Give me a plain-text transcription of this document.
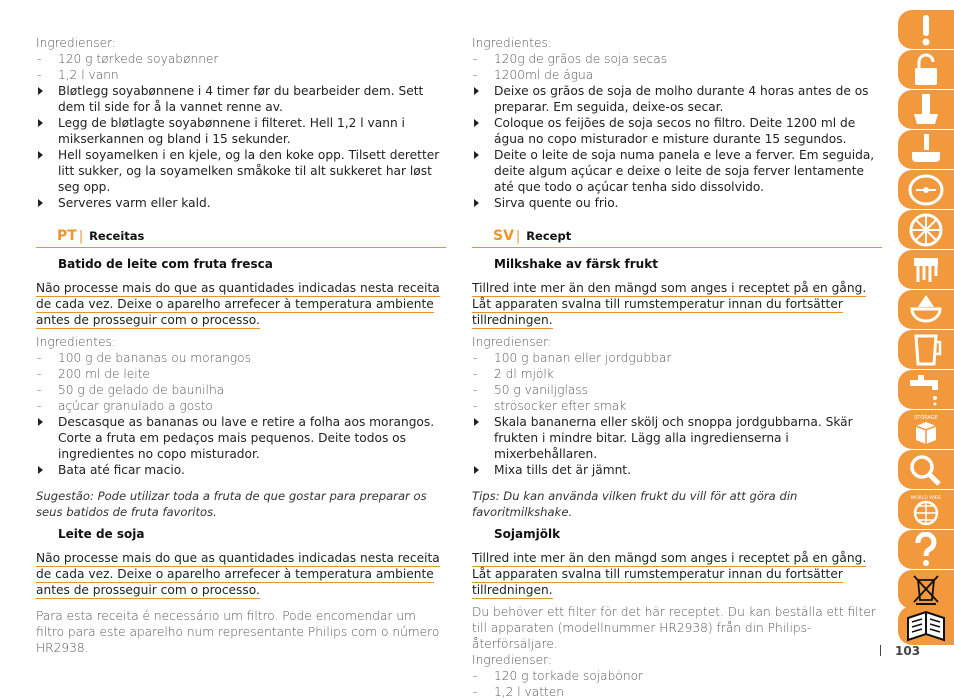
Ingredienser:

- 120 g tørkede soyabønner

- 1,2 l vann

Bløtlegg soyabønnene i 4 timer før du bearbeider dem. Sett dem til side for å la vannet renne av.

Legg de bløtlagte soyabønnene i filteret. Hell 1,2 l vann i mikserkannen og bland i 15 sekunder.

Hell soyamelken i en kjele, og la den koke opp. Tilsett deretter litt sukker, og la soyamelken småkoke til alt sukkeret har løst seg opp.

Serveres varm eller kald.

PT | Receitas

Batido de leite com fruta fresca

Não processe mais do que as quantidades indicadas nesta receita de cada vez. Deixe o aparelho arrefecer à temperatura ambiente antes de prosseguir com o processo.

Ingredientes:

- 100 g de bananas ou morangos

- 200 ml de leite

- 50 g de gelado de baunilha

- açúcar granulado a gosto

Descasque as bananas ou lave e retire a folha aos morangos. Corte a fruta em pedaços mais pequenos. Deite todos os ingredientes no copo misturador.

Bata até ficar macio.

Sugestão: Pode utilizar toda a fruta de que gostar para preparar os seus batidos de fruta favoritos.

Leite de soja

Não processe mais do que as quantidades indicadas nesta receita de cada vez. Deixe o aparelho arrefecer à temperatura ambiente antes de prosseguir com o processo.

Para esta receita é necessário um filtro. Pode encomendar um filtro para este aparelho num representante Philips com o número HR2938.

Ingredientes:

- 120g de grãos de soja secas

- 1200ml de água

Deixe os grãos de soja de molho durante 4 horas antes de os preparar. Em seguida, deixe-os secar.

Coloque os feijões de soja secos no filtro. Deite 1200 ml de água no copo misturador e misture durante 15 segundos.

Deite o leite de soja numa panela e leve a ferver. Em seguida, deite algum açúcar e deixe o leite de soja ferver lentamente até que todo o açúcar tenha sido dissolvido.

Sirva quente ou frio.

SV | Recept

Milkshake av färsk frukt

Tillred inte mer än den mängd som anges i receptet på en gång. Låt apparaten svalna till rumstemperatur innan du fortsätter tillredningen.

Ingredienser:

- 100 g banan eller jordgubbar

- 2 dl mjölk

- 50 g vaniljglass

- strösocker efter smak

Skala bananerna eller skölj och snoppa jordgubbarna. Skär frukten i mindre bitar. Lägg alla ingredienserna i mixerbehållaren.

Mixa tills det är jämnt.

Tips: Du kan använda vilken frukt du vill för att göra din favoritmilkshake.

Sojamjölk

Tillred inte mer än den mängd som anges i receptet på en gång. Låt apparaten svalna till rumstemperatur innan du fortsätter tillredningen.

Du behöver ett filter för det här receptet. Du kan beställa ett filter till apparaten (modellnummer HR2938) från din Philips-återförsäljare.

Ingredienser:

- 120 g torkade sojabönor

- 1,2 l vatten

STORAGE
WORLD WIDE
103
